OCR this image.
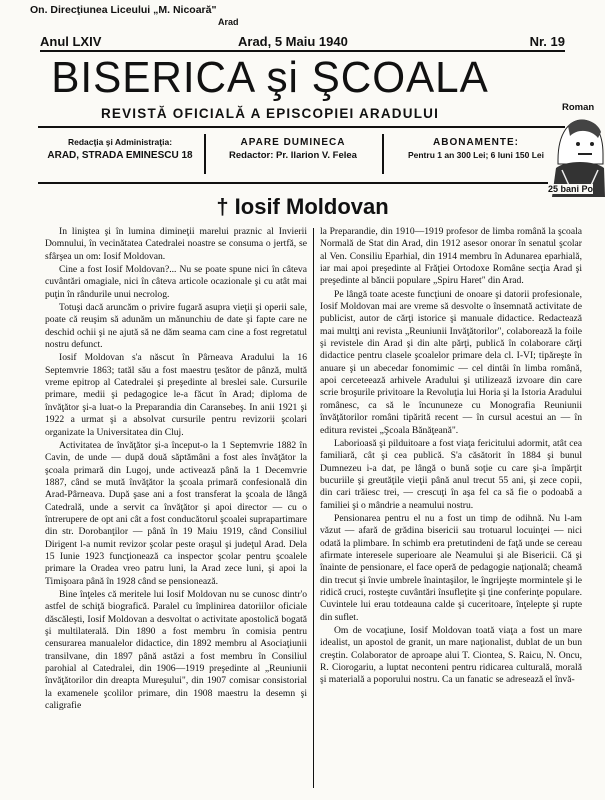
On. Direcţiunea Liceului „M. Nicoară"
Arad
Anul LXIV	Arad, 5 Maiu 1940	Nr. 19
BISERICA şi ŞCOALA
REVISTĂ OFICIALĂ A EPISCOPIEI ARADULUI
Redacţia şi Administraţia:
ARAD, STRADA EMINESCU 18
APARE DUMINECA
Redactor: Pr. Ilarion V. Felea
ABONAMENTE:
Pentru 1 an 300 Lei; 6 luni 150 Lei
Roman
25 bani Po
† Iosif Moldovan

In liniştea şi în lumina dimineţii marelui praznic al Invierii Domnului, în vecinătatea Catedralei noastre se consuma o jertfă, se sfârşea un om: Iosif Moldovan.

Cine a fost Iosif Moldovan?... Nu se poate spune nici în câteva cuvântări omagiale, nici în câteva articole ocazionale şi cu atât mai puţin în rândurile unui necrolog.

Totuşi dacă aruncăm o privire fugară asupra vieţii şi operii sale, poate că reuşim să adunăm un mănunchiu de date şi fapte care ne deschid ochii şi ne ajută să ne dăm seama cam cine a fost regretatul nostru defunct.

Iosif Moldovan s'a născut în Pârneava Aradului la 16 Septemvrie 1863; tatăl său a fost maestru ţesător de pânză, multă vreme epitrop al Catedralei şi preşedinte al breslei sale. Cursurile primare, medii şi pedagogice le-a făcut în Arad; diploma de învăţător şi-a luat-o la Preparandia din Caransebeş. In anii 1921 şi 1922 a urmat şi a absolvat cursurile pentru revizorii şcolari organizate la Universitatea din Cluj.

Activitatea de învăţător şi-a început-o la 1 Septemvrie 1882 în Cavin, de unde — după două săptămâni a fost ales învăţător la şcoala primară din Lugoj, unde activează până la 1 Decemvrie 1887, când se mută învăţător la şcoala primară confesională din Arad-Pârneava. După şase ani a fost transferat la şcoala de lângă Catedrală, unde a servit ca învăţător şi apoi director — cu o întrerupere de opt ani cât a fost conducătorul şcoalei suprapartimare din str. Dorobanţilor — până în 19 Maiu 1919, când Consiliul Dirigent l-a numit revizor şcolar peste oraşul şi judeţul Arad. Dela 15 Iunie 1923 funcţionează ca inspector şcolar pentru şcoalele primare la Oradea vreo patru luni, la Arad zece luni, şi apoi la Timişoara până în 1928 când se pensionează.

Bine înţeles că meritele lui Iosif Moldovan nu se cunosc dintr'o astfel de schiţă biografică. Paralel cu împlinirea datoriilor oficiale dăscăleşti, Iosif Moldovan a desvoltat o activitate apostolică bogată şi multilaterală. Din 1890 a fost membru în comisia pentru censurarea manualelor didactice, din 1892 membru al Asociaţiunii transilvane, din 1897 până astăzi a fost membru în Consiliul parohial al Catedralei, din 1906—1919 preşedinte al „Reuniunii învăţătorilor din dreapta Mureşului", din 1907 comisar consistorial la examenele şcolilor primare, din 1908 maestru la desemn şi caligrafie

la Preparandie, din 1910—1919 profesor de limba română la şcoala Normală de Stat din Arad, din 1912 asesor onorar în senatul şcolar al Ven. Consiliu Eparhial, din 1914 membru în Adunarea eparhială, iar mai apoi preşedinte al Frăţiei Ortodoxe Române secţia Arad şi preşedinte al băncii populare „Spiru Haret" din Arad.

Pe lângă toate aceste funcţiuni de onoare şi datorii profesionale, Iosif Moldovan mai are vreme să desvolte o însemnată activitate de publicist, autor de cărţi istorice şi manuale didactice. Redactează mai multţi ani revista „Reuniunii Invăţătorilor", colaborează la foile şi revistele din Arad şi din alte părţi, publică în colaborare cărţi didactice pentru clasele şcoalelor primare dela cl. I-VI; tipăreşte în anuare şi un abecedar fonomimic — cel dintâi în limba română, apoi cerceteează arhivele Aradului şi utilizează izvoare din care scrie broşurile privitoare la Revoluţia lui Horia şi la Istoria Aradului românesc, ca să le încununeze cu Monografia Reuniunii învăţătorilor români tipărită recent — în cursul acestui an — în editura revistei „Şcoala Bănăţeană".

Laborioasă şi pilduitoare a fost viaţa fericitului adormit, atât cea familiară, cât şi cea publică. S'a căsătorit în 1884 şi bunul Dumnezeu i-a dat, pe lângă o bună soţie cu care şi-a împărţit bucuriile şi greutăţile vieţii până anul trecut 55 ani, şi zece copii, din cari trăiesc trei, — crescuţi în aşa fel ca să fie o podoabă a familiei şi o mândrie a neamului nostru.

Pensionarea pentru el nu a fost un timp de odihnă. Nu l-am văzut — afară de grădina bisericii sau trotuarul locuinţei — nici odată la plimbare. In schimb era pretutindeni de faţă unde se cereau afirmate interesele superioare ale Neamului şi ale Bisericii. Că şi înainte de pensionare, el face operă de pedagogie naţională; cheamă din trecut şi învie umbrele înaintaşilor, le îngrijeşte mormintele şi le ridică cruci, rosteşte cuvântări însufleţite şi ţine conferinţe populare. Cuvintele lui erau totdeauna calde şi cuceritoare, înţelepte şi rupte din suflet.

Om de vocaţiune, Iosif Moldovan toată viaţa a fost un mare idealist, un apostol de granit, un mare naţionalist, dublat de un bun creştin. Colaborator de aproape alui T. Ciontea, S. Raicu, N. Oncu, R. Ciorogariu, a luptat neconteni pentru ridicarea culturală, morală şi materială a poporului nostru. Ca un fanatic se adresează el învă-
